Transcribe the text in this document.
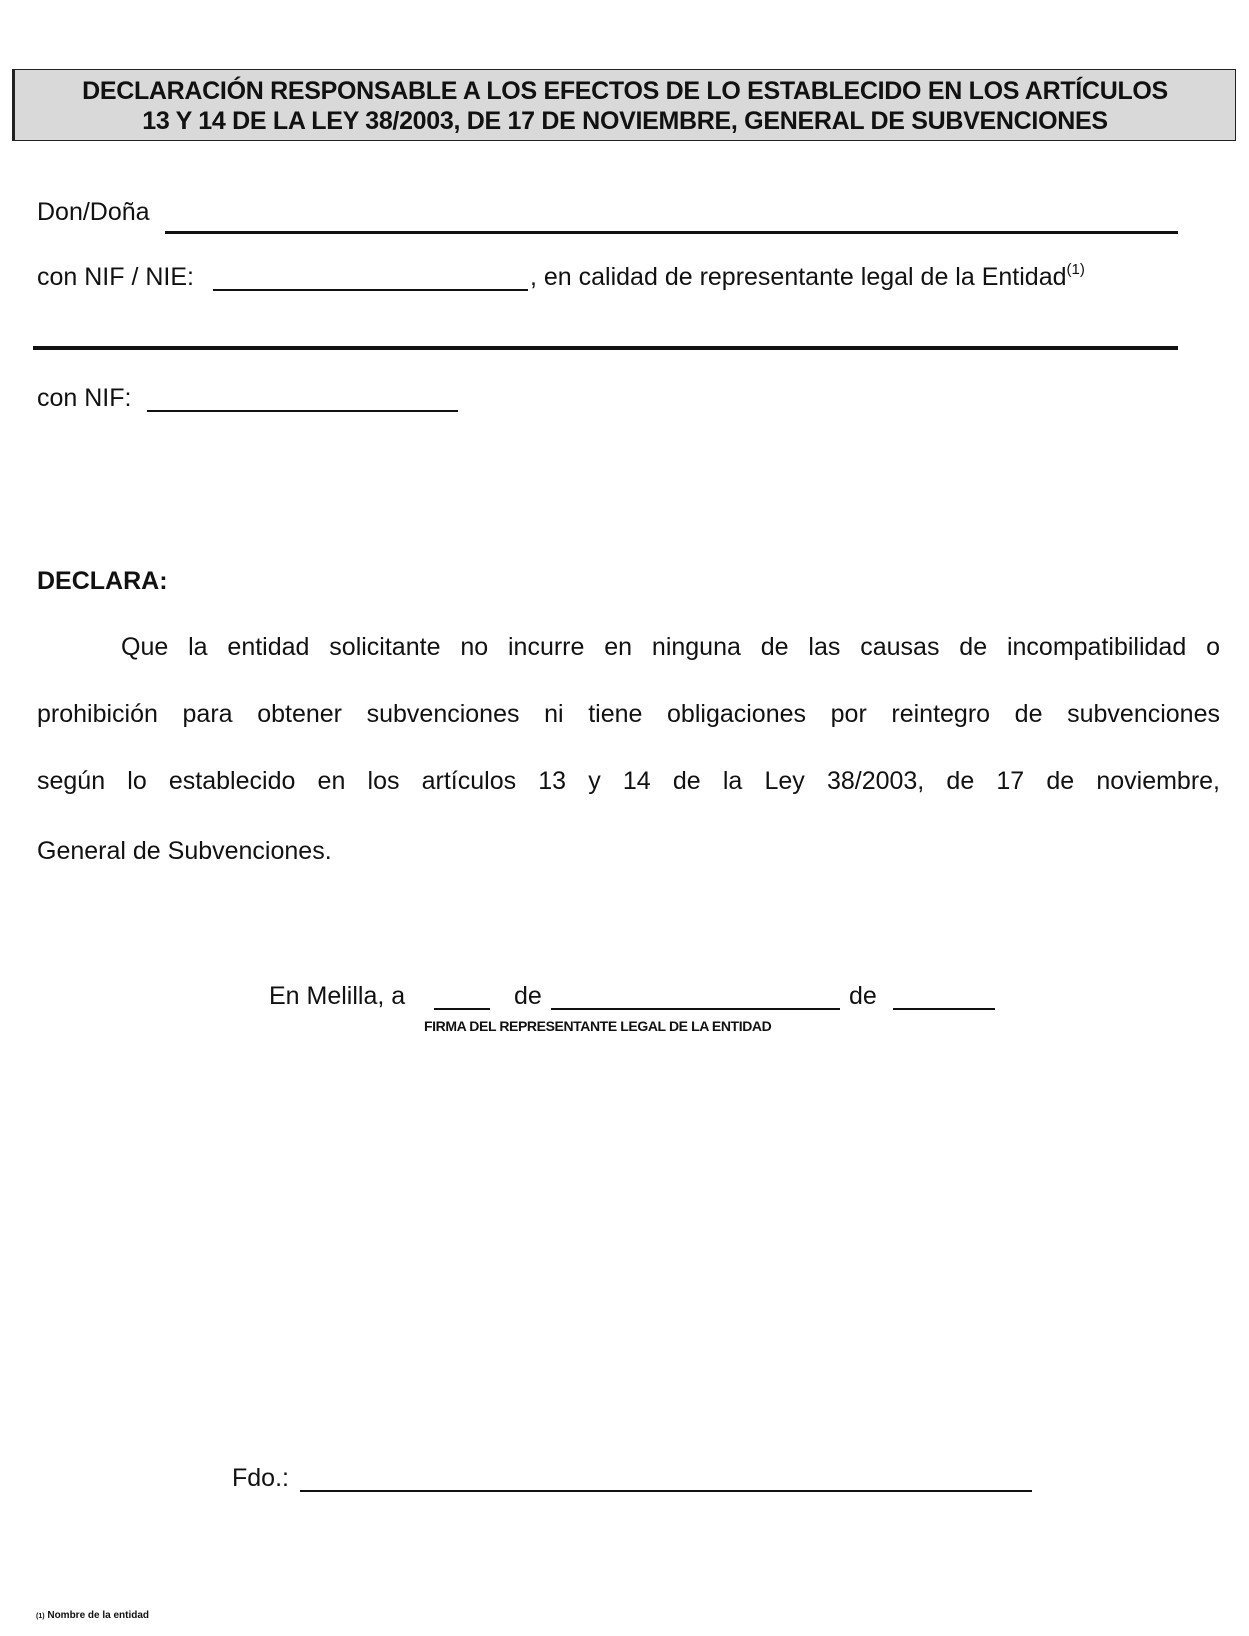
DECLARACIÓN RESPONSABLE A LOS EFECTOS DE LO ESTABLECIDO EN LOS ARTÍCULOS
13 Y 14 DE LA LEY 38/2003, DE 17 DE NOVIEMBRE, GENERAL DE SUBVENCIONES
Don/Doña
con NIF / NIE:	, en calidad de representante legal de la Entidad$^{(1)}$
con NIF:
DECLARA:
Que la entidad solicitante no incurre en ninguna de las causas de incompatibilidad o
prohibición para obtener subvenciones ni tiene obligaciones por reintegro de subvenciones
según lo establecido en los artículos 13 y 14 de la Ley 38/2003, de 17 de noviembre,
General de Subvenciones.
En Melilla, a	de	de
FIRMA DEL REPRESENTANTE LEGAL DE LA ENTIDAD
Fdo.:
(1) Nombre de la entidad
